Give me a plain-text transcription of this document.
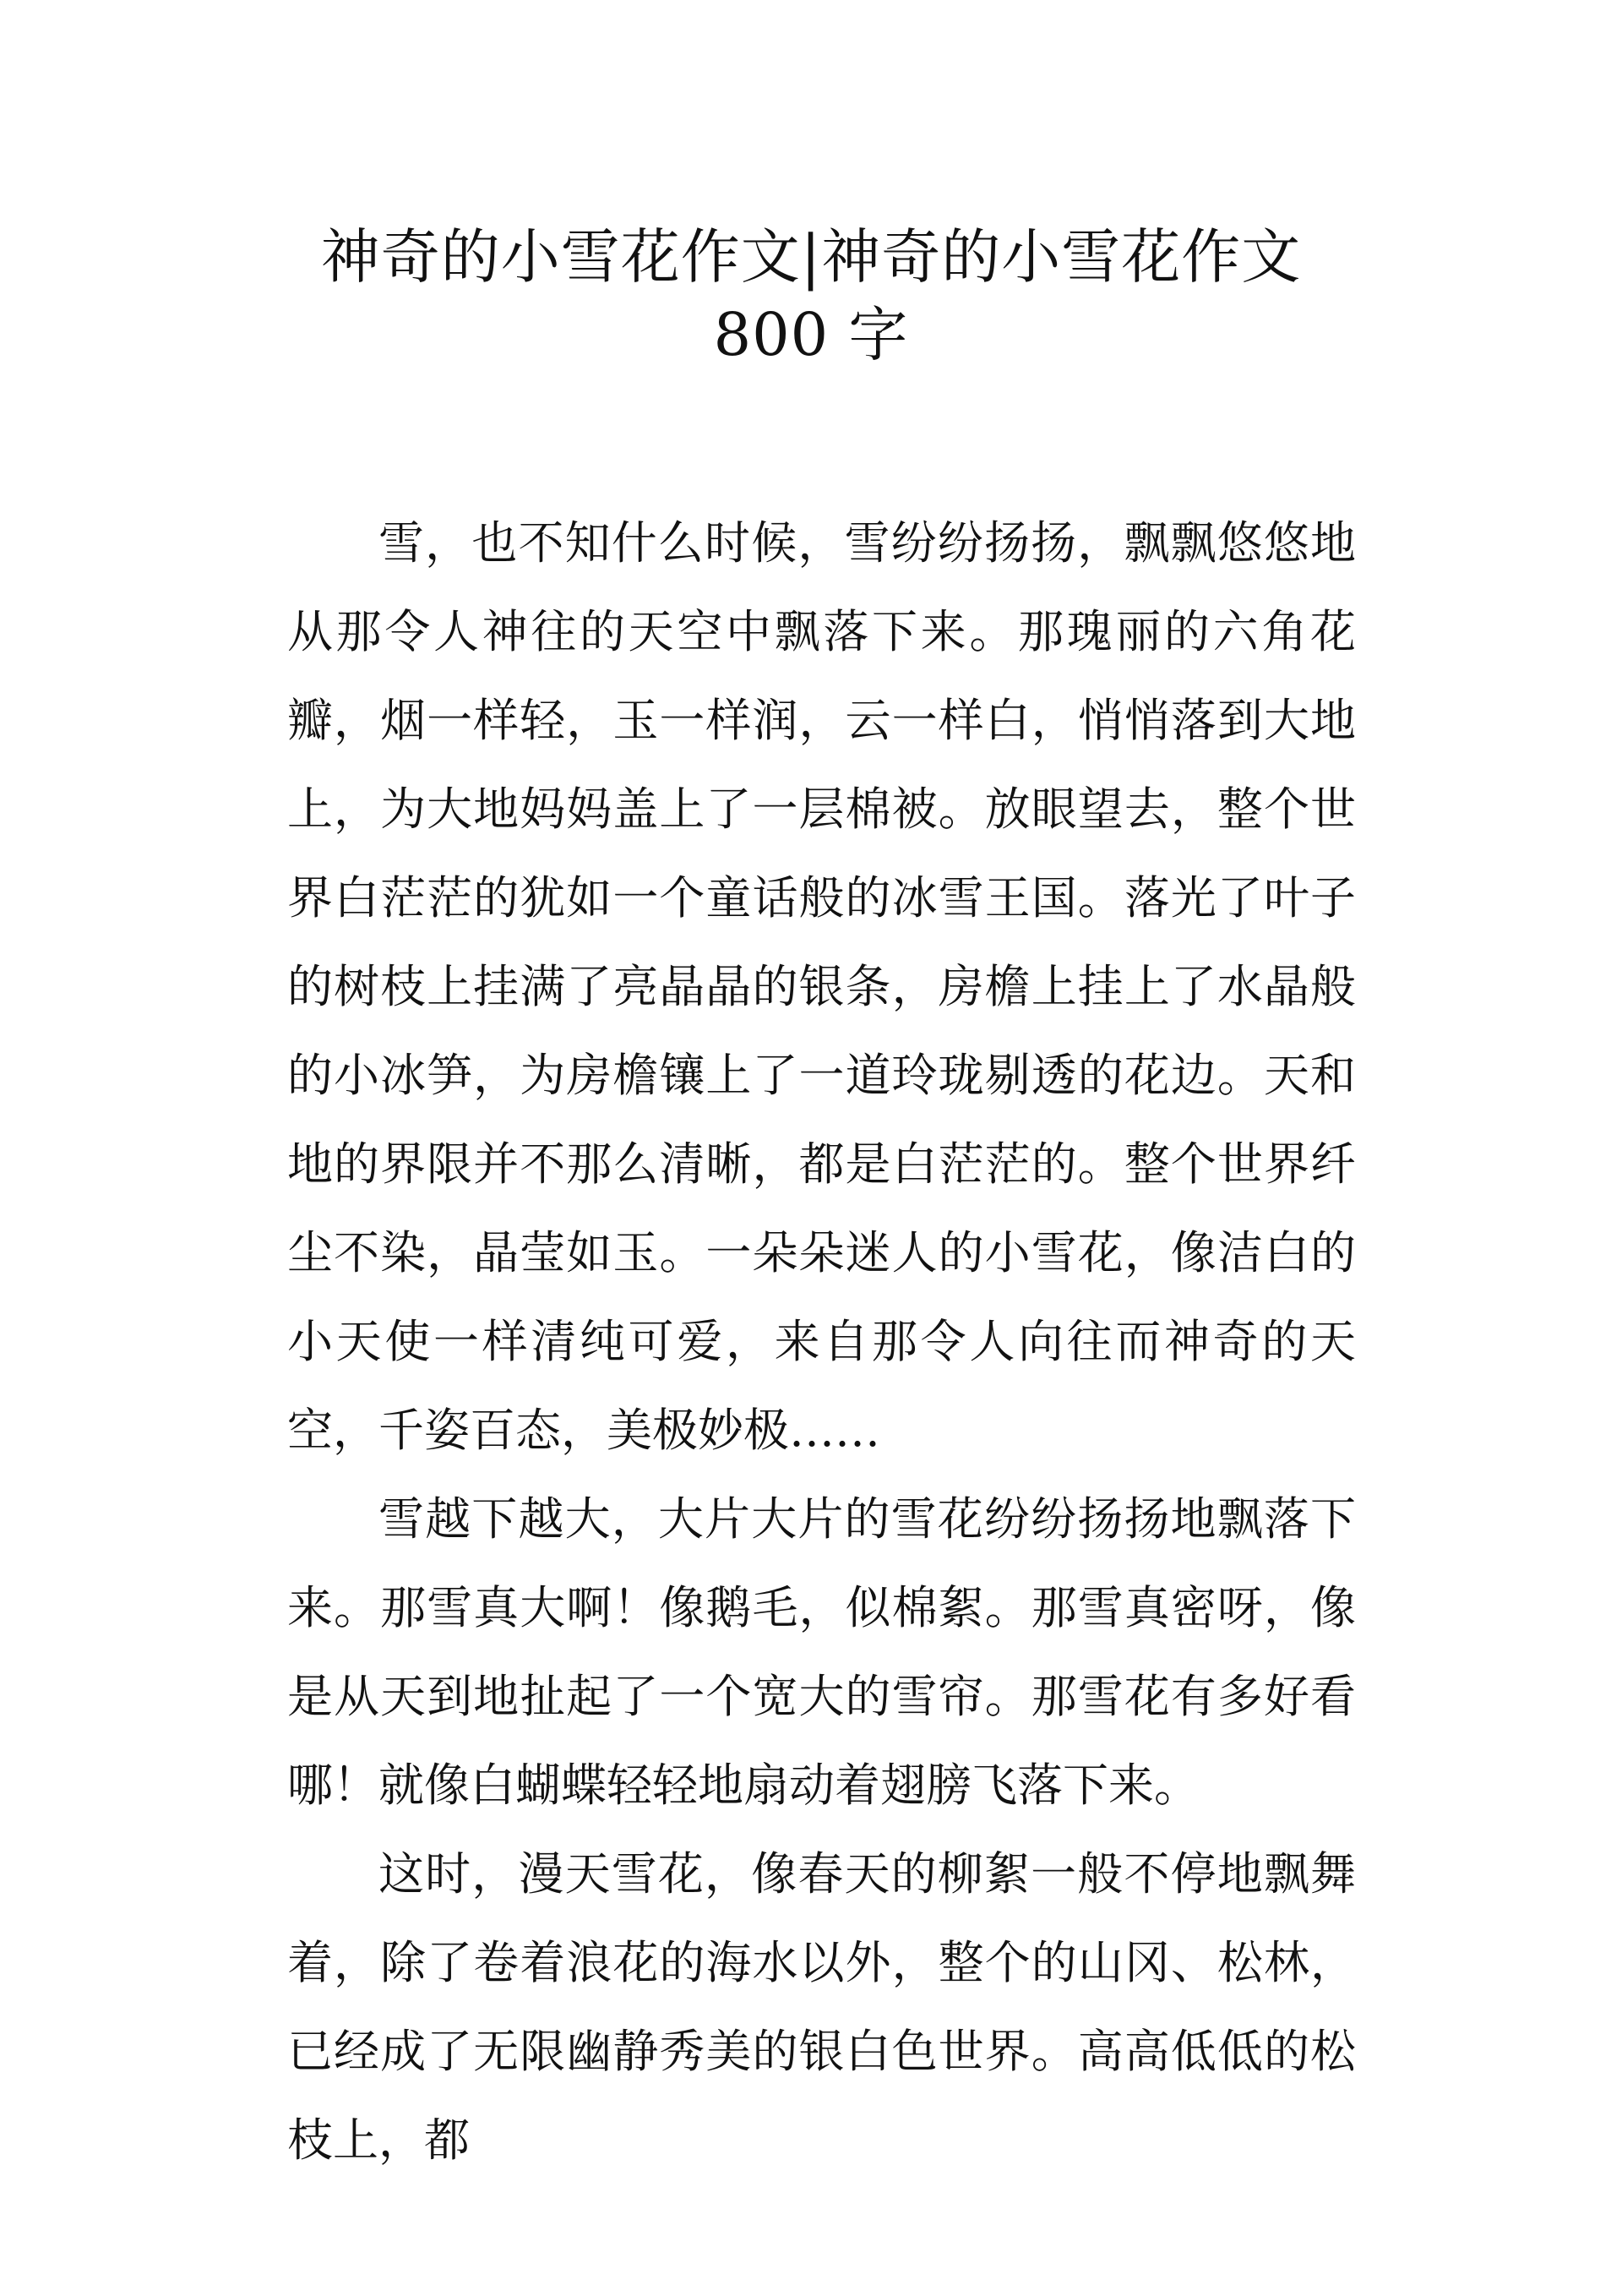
神奇的小雪花作文|神奇的小雪花作文
800 字

雪，也不知什么时候，雪纷纷扬扬，飘飘悠悠地从那令人神往的天空中飘落下来。那瑰丽的六角花瓣，烟一样轻，玉一样润，云一样白，悄悄落到大地上，为大地妈妈盖上了一层棉被。放眼望去，整个世界白茫茫的犹如一个童话般的冰雪王国。落光了叶子的树枝上挂满了亮晶晶的银条，房檐上挂上了水晶般的小冰笋，为房檐镶上了一道玲珑剔透的花边。天和地的界限并不那么清晰，都是白茫茫的。整个世界纤尘不染，晶莹如玉。一朵朵迷人的小雪花，像洁白的小天使一样清纯可爱，来自那令人向往而神奇的天空，千姿百态，美极妙极……

雪越下越大，大片大片的雪花纷纷扬扬地飘落下来。那雪真大啊！像鹅毛，似棉絮。那雪真密呀，像是从天到地扯起了一个宽大的雪帘。那雪花有多好看哪！就像白蝴蝶轻轻地扇动着翅膀飞落下来。

这时，漫天雪花，像春天的柳絮一般不停地飘舞着，除了卷着浪花的海水以外，整个的山冈、松林，已经成了无限幽静秀美的银白色世界。高高低低的松枝上，都
